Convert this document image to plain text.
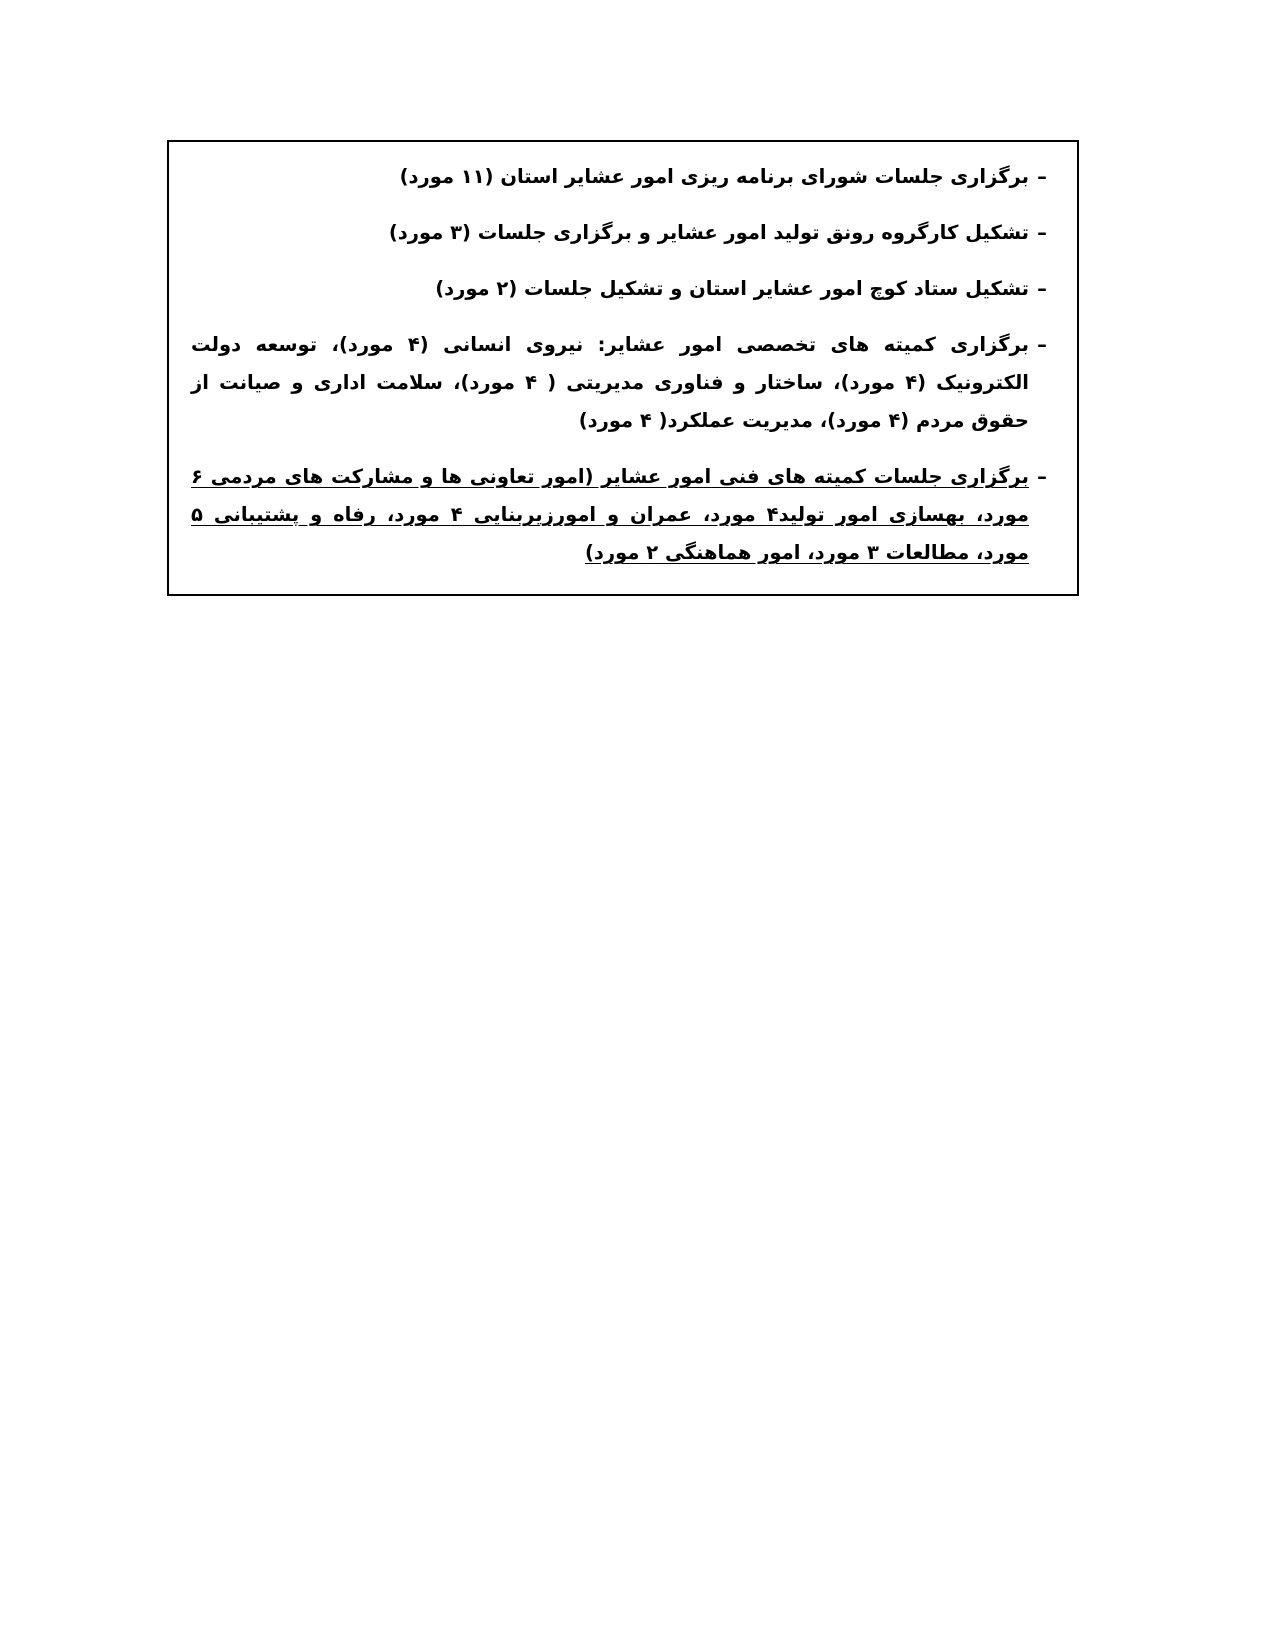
–
برگزاری جلسات شورای برنامه ریزی امور عشایر استان (۱۱ مورد)
–
تشکیل کارگروه رونق تولید امور عشایر و برگزاری جلسات (۳ مورد)
–
تشکیل ستاد کوچ امور عشایر استان و تشکیل جلسات (۲ مورد)
–
برگزاری کمیته های تخصصی امور عشایر: نیروی انسانی (۴ مورد)، توسعه دولت الکترونیک (۴ مورد)، ساختار و فناوری مدیریتی ( ۴ مورد)، سلامت اداری و صیانت از حقوق مردم (۴ مورد)، مدیریت عملکرد( ۴ مورد)
–
برگزاری جلسات کمیته های فنی امور عشایر (امور تعاونی ها و مشارکت های مردمی ۶ مورد، بهسازی امور تولید۴ مورد، عمران و امورزیربنایی ۴ مورد، رفاه و پشتیبانی ۵ مورد، مطالعات ۳ مورد، امور هماهنگی ۲ مورد)
